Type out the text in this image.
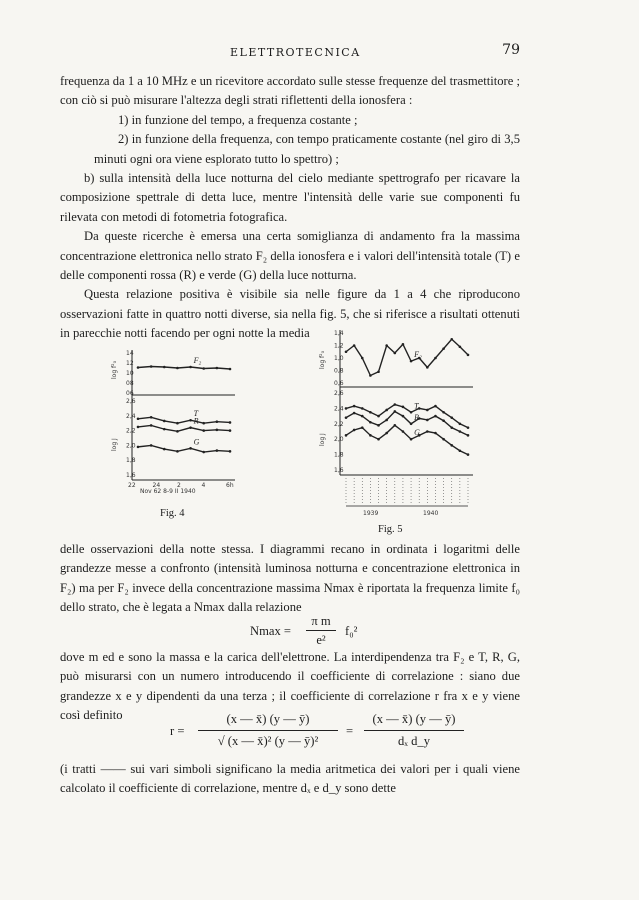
ELETTROTECNICA	79

frequenza da 1 a 10 MHz e un ricevitore accordato sulle stesse frequenze del trasmettitore ; con ciò si può misurare l'altezza degli strati riflettenti della ionosfera :

1) in funzione del tempo, a frequenza costante ;

2) in funzione della frequenza, con tempo praticamente costante (nel giro di 3,5 minuti ogni ora viene esplorato tutto lo spettro) ;

b) sulla intensità della luce notturna del cielo mediante spettrografo per ricavare la composizione spettrale di detta luce, mentre l'intensità delle varie sue componenti fu rilevata con metodi di fotometria fotografica.

Da queste ricerche è emersa una certa somiglianza di andamento fra la massima concentrazione elettronica nello strato F₂ della ionosfera e i valori dell'intensità totale (T) e delle componenti rossa (R) e verde (G) della luce notturna.

Questa relazione positiva è visibile sia nelle figure da 1 a 4 che riproducono osservazioni fatte in quattro notti diverse, sia nella fig. 5, che si riferisce a risultati ottenuti in parecchie notti facendo per ogni notte la media

log f²₀
log J
14
12
10
08
06
2,6
2,4
2,2
2,0
1,8
1,6
22	24	2	4	6h
Nov 62 8-9 II 1940
F₂
T
R
G
Fig. 4
log f²₀
log J
1,4
1,2
1,0
0,8
0,6
2,6
2,4
2,2
2,0
1,8
1,6
1939	1940
F₂
T
R
G
Fig. 5

delle osservazioni della notte stessa. I diagrammi recano in ordinata i logaritmi delle grandezze messe a confronto (intensità luminosa notturna e concentrazione elettronica in F₂) ma per F₂ invece della concentrazione massima Nmax è riportata la frequenza limite f₀ dello strato, che è legata a Nmax dalla relazione

Nmax =
π m
e²
f₀²

dove m ed e sono la massa e la carica dell'elettrone. La interdipendenza tra F₂ e T, R, G, può misurarsi con un numero introducendo il coefficiente di correlazione : siano due grandezze x e y dipendenti da una terza ; il coefficiente di correlazione r fra x e y viene così definito

r =
(x — x̄) (y — ȳ)
√ (x — x̄)² (y — ȳ)²
=
(x — x̄) (y — ȳ)
dₓ d_y

(i tratti —— sui vari simboli significano la media aritmetica dei valori per i quali viene calcolato il coefficiente di correlazione, mentre dₓ e d_y sono dette
